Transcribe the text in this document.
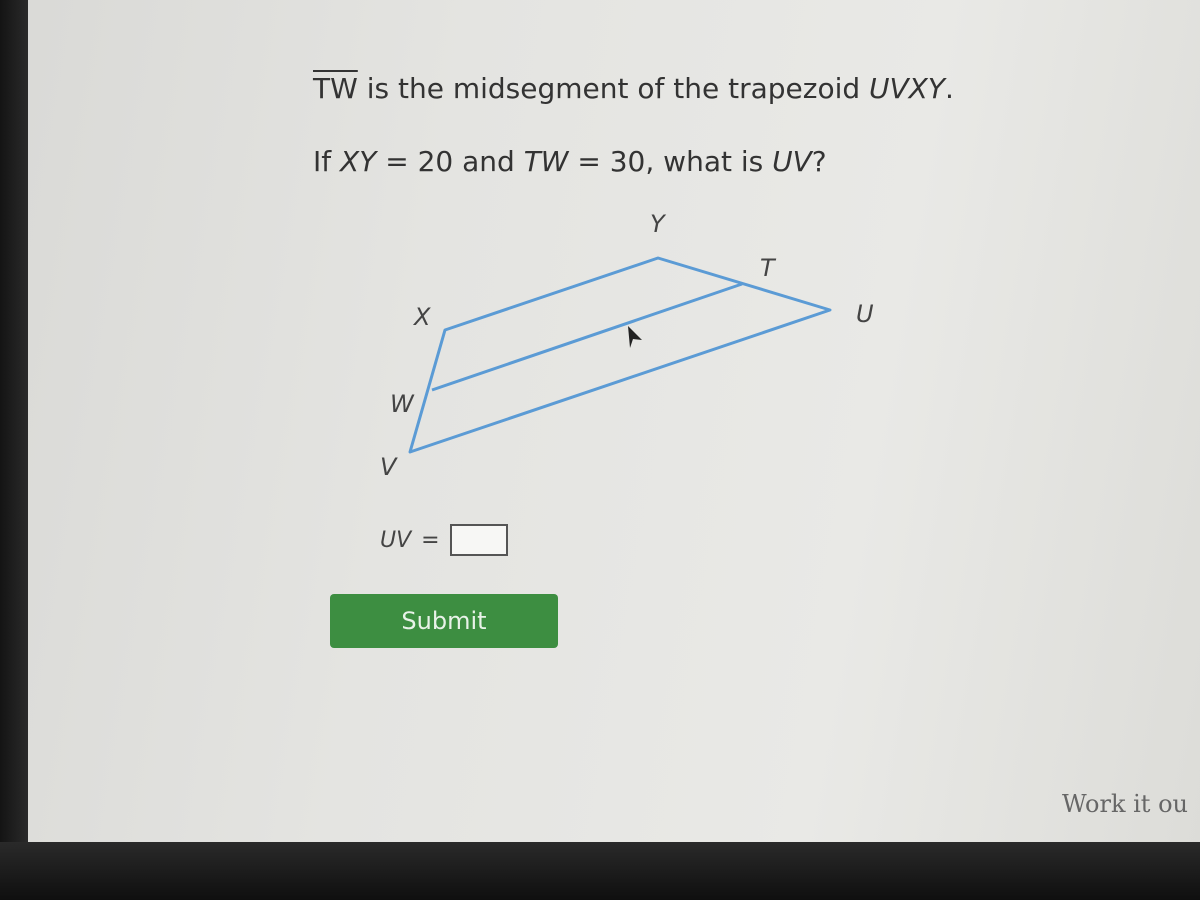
$\overline{TW}$ is the midsegment of the trapezoid UVXY.
If XY = 20 and TW = 30, what is UV?
Y
T
U
X
W
V
UV =
Submit
Work it ou
